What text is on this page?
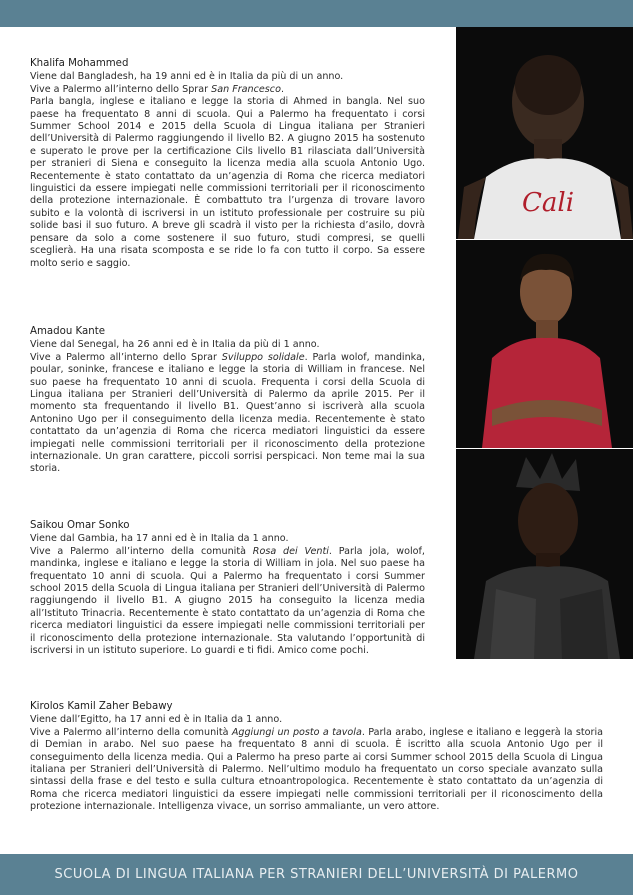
Khalifa Mohammed
Viene dal Bangladesh, ha 19 anni ed è in Italia da più di un anno.

Vive a Palermo all’interno dello Sprar San Francesco.

Parla bangla, inglese e italiano e legge la storia di Ahmed in bangla. Nel suo paese ha frequentato 8 anni di scuola. Qui a Palermo ha frequentato i corsi Summer School 2014 e 2015 della Scuola di Lingua italiana per Stranieri dell’Università di Palermo raggiungendo il livello B2. A giugno 2015 ha sostenuto e superato le prove per la certificazione Cils livello B1 rilasciata dall’Università per stranieri di Siena e conseguito la licenza media alla scuola Antonio Ugo. Recentemente è stato contattato da un’agenzia di Roma che ricerca mediatori linguistici da essere impiegati nelle commissioni territoriali per il riconoscimento della protezione internazionale. È combattuto tra l’urgenza di trovare lavoro subito e la volontà di iscriversi in un istituto professionale per costruire su più solide basi il suo futuro. A breve gli scadrà il visto per la richiesta d’asilo, dovrà pensare da solo a come sostenere il suo futuro, studi compresi, se quelli sceglierà. Ha una risata scomposta e se ride lo fa con tutto il corpo. Sa essere molto serio e saggio.

Amadou Kante
Viene dal Senegal, ha 26 anni ed è in Italia da più di 1 anno.

Vive a Palermo all’interno dello Sprar Sviluppo solidale. Parla wolof, mandinka, poular, soninke, francese e italiano e legge la storia di William in francese. Nel suo paese ha frequentato 10 anni di scuola. Frequenta i corsi della Scuola di Lingua italiana per Stranieri dell’Università di Palermo da aprile 2015. Per il momento sta frequentando il livello B1. Quest’anno si iscriverà alla scuola Antonino Ugo per il conseguimento della licenza media. Recentemente è stato contattato da un’agenzia di Roma che ricerca mediatori linguistici da essere impiegati nelle commissioni territoriali per il riconoscimento della protezione internazionale. Un gran carattere, piccoli sorrisi perspicaci. Non teme mai la sua storia.

Saikou Omar Sonko
Viene dal Gambia, ha 17 anni ed è in Italia da 1 anno.

Vive a Palermo all’interno della comunità Rosa dei Venti. Parla jola, wolof, mandinka, inglese e italiano e legge la storia di William in jola. Nel suo paese ha frequentato 10 anni di scuola. Qui a Palermo ha frequentato i corsi Summer school 2015 della Scuola di Lingua italiana per Stranieri dell’Università di Palermo raggiungendo il livello B1. A giugno 2015 ha conseguito la licenza media all’Istituto Trinacria. Recentemente è stato contattato da un’agenzia di Roma che ricerca mediatori linguistici da essere impiegati nelle commissioni territoriali per il riconoscimento della protezione internazionale. Sta valutando l’opportunità di iscriversi in un istituto superiore. Lo guardi e ti fidi. Amico come pochi.

Kirolos Kamil Zaher Bebawy
Viene dall’Egitto, ha 17 anni ed è in Italia da 1 anno.

Vive a Palermo all’interno della comunità Aggiungi un posto a tavola. Parla arabo, inglese e italiano e leggerà la storia di Demian in arabo. Nel suo paese ha frequentato 8 anni di scuola. È iscritto alla scuola Antonio Ugo per il conseguimento della licenza media. Qui a Palermo ha preso parte ai corsi Summer school 2015 della Scuola di Lingua italiana per Stranieri dell’Università di Palermo. Nell’ultimo modulo ha frequentato un corso speciale avanzato sulla sintassi della frase e del testo e sulla cultura etnoantropologica. Recentemente è stato contattato da un’agenzia di Roma che ricerca mediatori linguistici da essere impiegati nelle commissioni territoriali per il riconoscimento della protezione internazionale. Intelligenza vivace, un sorriso ammaliante, un vero attore.

Cali
SCUOLA DI LINGUA ITALIANA PER STRANIERI DELL’UNIVERSITÀ DI PALERMO
